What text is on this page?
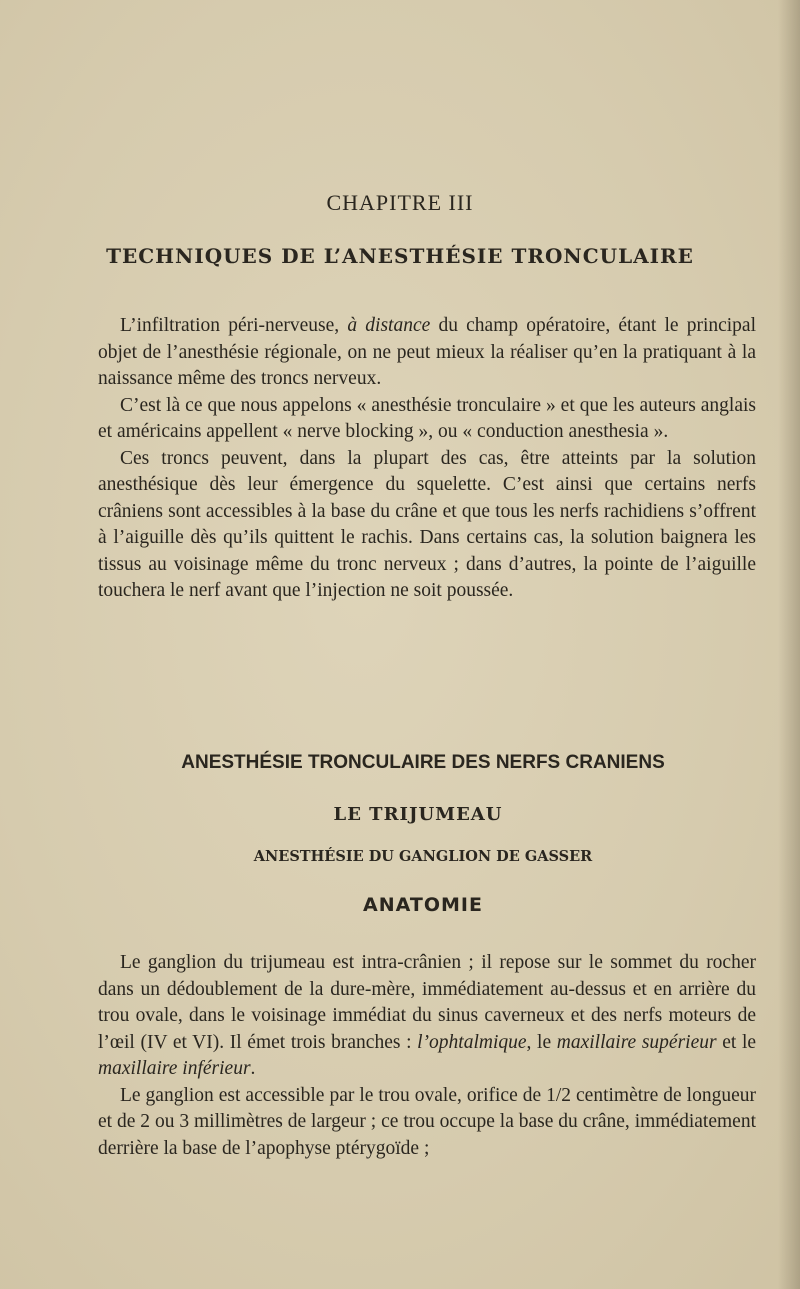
CHAPITRE III
TECHNIQUES DE L’ANESTHÉSIE TRONCULAIRE

L’infiltration péri-nerveuse, à distance du champ opératoire, étant le principal objet de l’anesthésie régionale, on ne peut mieux la réaliser qu’en la pratiquant à la naissance même des troncs nerveux.

C’est là ce que nous appelons « anesthésie tronculaire » et que les auteurs anglais et américains appellent « nerve blocking », ou « conduction anesthesia ».

Ces troncs peuvent, dans la plupart des cas, être atteints par la solution anesthésique dès leur émergence du squelette. C’est ainsi que certains nerfs crâniens sont accessibles à la base du crâne et que tous les nerfs rachidiens s’offrent à l’aiguille dès qu’ils quittent le rachis. Dans certains cas, la solution baignera les tissus au voisinage même du tronc nerveux ; dans d’autres, la pointe de l’aiguille touchera le nerf avant que l’injection ne soit poussée.

ANESTHÉSIE TRONCULAIRE DES NERFS CRANIENS
LE TRIJUMEAU
ANESTHÉSIE DU GANGLION DE GASSER
ANATOMIE

Le ganglion du trijumeau est intra-crânien ; il repose sur le sommet du rocher dans un dédoublement de la dure-mère, immédiatement au-dessus et en arrière du trou ovale, dans le voisinage immédiat du sinus caverneux et des nerfs moteurs de l’œil (IV et VI). Il émet trois branches : l’ophtalmique, le maxillaire supérieur et le maxillaire inférieur.

Le ganglion est accessible par le trou ovale, orifice de 1/2 centimètre de longueur et de 2 ou 3 millimètres de largeur ; ce trou occupe la base du crâne, immédiatement derrière la base de l’apophyse ptérygoïde ;
